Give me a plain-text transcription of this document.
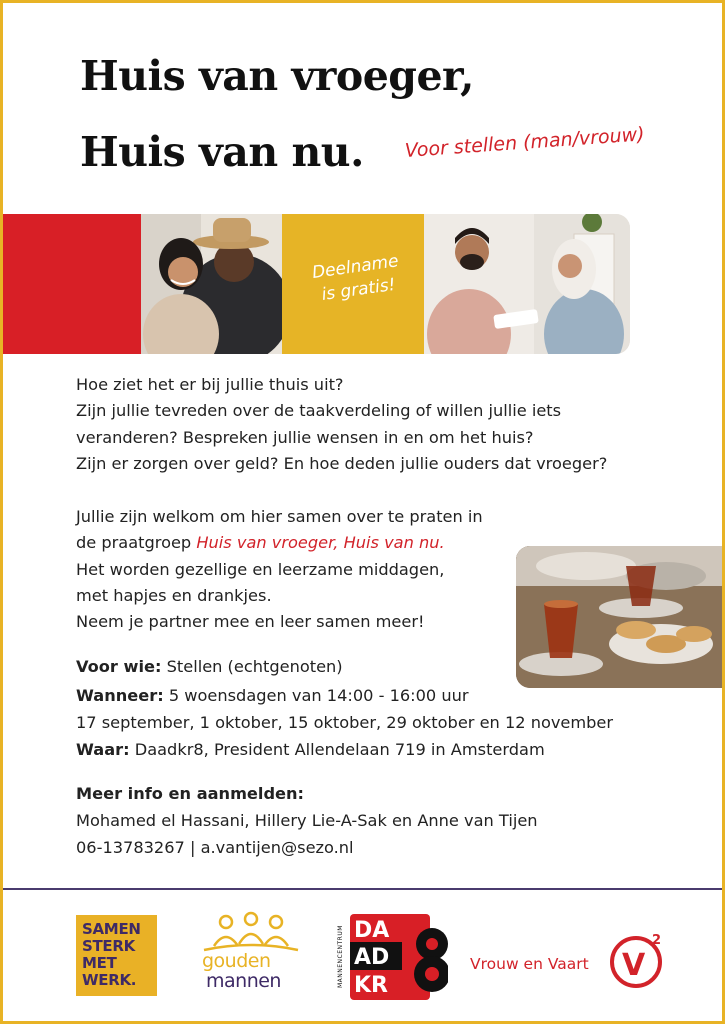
Huis van vroeger,
Huis van nu. Voor stellen (man/vrouw)
Deelname
is gratis!
Hoe ziet het er bij jullie thuis uit?
Zijn jullie tevreden over de taakverdeling of willen jullie iets
veranderen? Bespreken jullie wensen in en om het huis?
Zijn er zorgen over geld? En hoe deden jullie ouders dat vroeger?
Jullie zijn welkom om hier samen over te praten in
de praatgroep Huis van vroeger, Huis van nu.
Het worden gezellige en leerzame middagen,
met hapjes en drankjes.
Neem je partner mee en leer samen meer!
Voor wie: Stellen (echtgenoten)
Wanneer: 5 woensdagen van 14:00 - 16:00 uur
17 september, 1 oktober, 15 oktober, 29 oktober en 12 november
Waar: Daadkr8, President Allendelaan 719 in Amsterdam
Meer info en aanmelden:
Mohamed el Hassani, Hillery Lie-A-Sak en Anne van Tijen
06-13783267 | a.vantijen@sezo.nl
SAMEN
STERK
MET
WERK.
gouden
mannen	MANNENCENTRUM DA
AD
KR	8
Vrouw en Vaart V
2
